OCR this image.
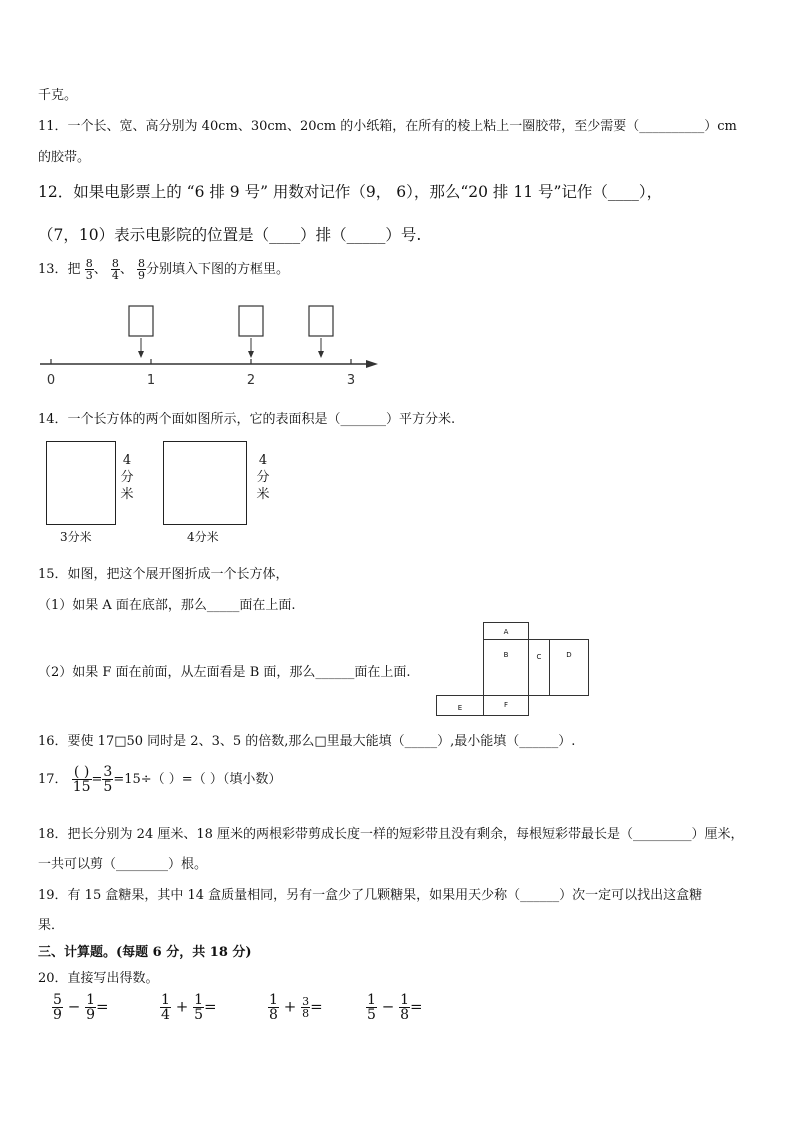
千克。
11．一个长、宽、高分别为 40cm、30cm、20cm 的小纸箱，在所有的棱上粘上一圈胶带，至少需要（__________）cm
的胶带。
12．如果电影票上的 “6 排 9 号” 用数对记作（9， 6），那么“20 排 11 号”记作（____），
（7，10）表示电影院的位置是（____）排（_____）号.
13．把 $\frac{8}{3}$ 、 $\frac{8}{4}$ 、 $\frac{8}{9}$ 分别填入下图的方框里。
0	1	2	3
14．一个长方体的两个面如图所示，它的表面积是（_______）平方分米.
3分米
4分米
4分米
4分米
15．如图，把这个展开图折成一个长方体，
（1）如果 A 面在底部，那么_____面在上面.
（2）如果 F 面在前面，从左面看是 B 面，那么______面在上面.
A
B	C	D
E	F
16．要使 17□50 同时是 2、3、5 的倍数,那么□里最大能填（_____）,最小能填（______）.
17． $\frac{( )}{15} = \frac{3}{5} =15\div$（ ）=（ ）（填小数）
18．把长分别为 24 厘米、18 厘米的两根彩带剪成长度一样的短彩带且没有剩余，每根短彩带最长是（_________）厘米，
一共可以剪（________）根。
19．有 15 盒糖果，其中 14 盒质量相同，另有一盒少了几颗糖果，如果用天少称（______）次一定可以找出这盒糖
果．
三、计算题。(每题 6 分，共 18 分)
20．直接写出得数。
$\frac{5}{9} - \frac{1}{9}$ =	$\frac{1}{4} + \frac{1}{5}$ =	$\frac{1}{8} + \frac{3}{8}$ =	$\frac{1}{5} - \frac{1}{8}$ =
